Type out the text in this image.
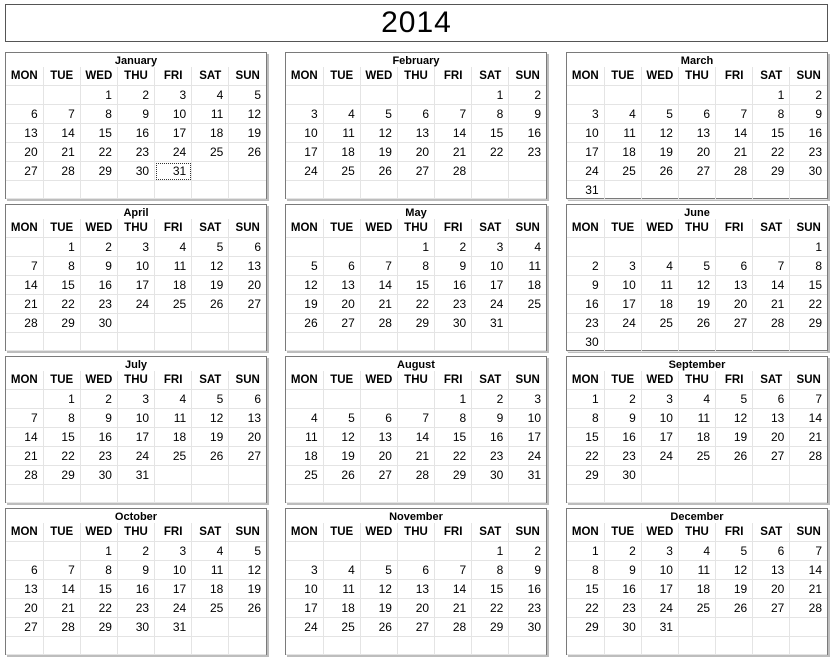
2014
January
MON	TUE	WED	THU	FRI	SAT	SUN
		1	2	3	4	5
6	7	8	9	10	11	12
13	14	15	16	17	18	19
20	21	22	23	24	25	26
27	28	29	30	31		

February
MON	TUE	WED	THU	FRI	SAT	SUN
					1	2
3	4	5	6	7	8	9
10	11	12	13	14	15	16
17	18	19	20	21	22	23
24	25	26	27	28		

March
MON	TUE	WED	THU	FRI	SAT	SUN
					1	2
3	4	5	6	7	8	9
10	11	12	13	14	15	16
17	18	19	20	21	22	23
24	25	26	27	28	29	30
31						
April
MON	TUE	WED	THU	FRI	SAT	SUN
	1	2	3	4	5	6
7	8	9	10	11	12	13
14	15	16	17	18	19	20
21	22	23	24	25	26	27
28	29	30				

May
MON	TUE	WED	THU	FRI	SAT	SUN
			1	2	3	4
5	6	7	8	9	10	11
12	13	14	15	16	17	18
19	20	21	22	23	24	25
26	27	28	29	30	31	

June
MON	TUE	WED	THU	FRI	SAT	SUN
						1
2	3	4	5	6	7	8
9	10	11	12	13	14	15
16	17	18	19	20	21	22
23	24	25	26	27	28	29
30						
July
MON	TUE	WED	THU	FRI	SAT	SUN
	1	2	3	4	5	6
7	8	9	10	11	12	13
14	15	16	17	18	19	20
21	22	23	24	25	26	27
28	29	30	31			

August
MON	TUE	WED	THU	FRI	SAT	SUN
				1	2	3
4	5	6	7	8	9	10
11	12	13	14	15	16	17
18	19	20	21	22	23	24
25	26	27	28	29	30	31

September
MON	TUE	WED	THU	FRI	SAT	SUN
1	2	3	4	5	6	7
8	9	10	11	12	13	14
15	16	17	18	19	20	21
22	23	24	25	26	27	28
29	30					

October
MON	TUE	WED	THU	FRI	SAT	SUN
		1	2	3	4	5
6	7	8	9	10	11	12
13	14	15	16	17	18	19
20	21	22	23	24	25	26
27	28	29	30	31		

November
MON	TUE	WED	THU	FRI	SAT	SUN
					1	2
3	4	5	6	7	8	9
10	11	12	13	14	15	16
17	18	19	20	21	22	23
24	25	26	27	28	29	30

December
MON	TUE	WED	THU	FRI	SAT	SUN
1	2	3	4	5	6	7
8	9	10	11	12	13	14
15	16	17	18	19	20	21
22	23	24	25	26	27	28
29	30	31				
